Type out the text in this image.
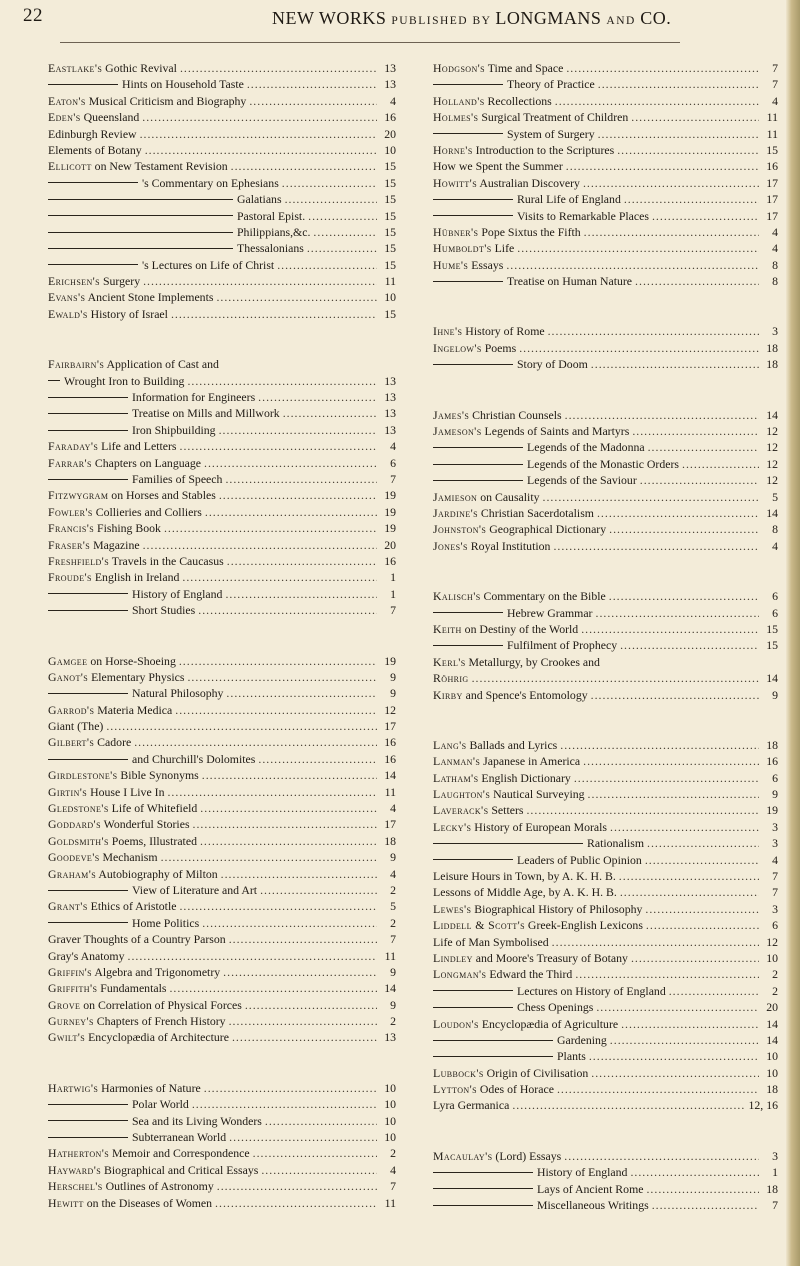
22	NEW WORKS PUBLISHED BY LONGMANS AND CO.
Eastlake's Gothic Revival .....	13
Hints on Household Taste .....	13
Eaton's Musical Criticism and Biography .....	4
Eden's Queensland .....	16
Edinburgh Review .....	20
Elements of Botany .....	10
Ellicott on New Testament Revision .....	15
's Commentary on Ephesians .....	15
Galatians .....	15
Pastoral Epist. .....	15
Philippians,&c. .....	15
Thessalonians .....	15
's Lectures on Life of Christ .....	15
Erichsen's Surgery .....	11
Evans's Ancient Stone Implements .....	10
Ewald's History of Israel .....	15
Fairbairn's Application of Cast and
Wrought Iron to Building .....	13
Information for Engineers .....	13
Treatise on Mills and Millwork .....	13
Iron Shipbuilding .....	13
Faraday's Life and Letters .....	4
Farrar's Chapters on Language .....	6
Families of Speech .....	7
Fitzwygram on Horses and Stables .....	19
Fowler's Collieries and Colliers .....	19
Francis's Fishing Book .....	19
Fraser's Magazine .....	20
Freshfield's Travels in the Caucasus .....	16
Froude's English in Ireland .....	1
History of England .....	1
Short Studies .....	7
Gamgee on Horse-Shoeing .....	19
Ganot's Elementary Physics .....	9
Natural Philosophy .....	9
Garrod's Materia Medica .....	12
Giant (The) .....	17
Gilbert's Cadore .....	16
and Churchill's Dolomites .....	16
Girdlestone's Bible Synonyms .....	14
Girtin's House I Live In .....	11
Gledstone's Life of Whitefield .....	4
Goddard's Wonderful Stories .....	17
Goldsmith's Poems, Illustrated .....	18
Goodeve's Mechanism .....	9
Graham's Autobiography of Milton .....	4
View of Literature and Art .....	2
Grant's Ethics of Aristotle .....	5
Home Politics .....	2
Graver Thoughts of a Country Parson .....	7
Gray's Anatomy .....	11
Griffin's Algebra and Trigonometry .....	9
Griffith's Fundamentals .....	14
Grove on Correlation of Physical Forces .....	9
Gurney's Chapters of French History .....	2
Gwilt's Encyclopædia of Architecture .....	13
Hartwig's Harmonies of Nature .....	10
Polar World .....	10
Sea and its Living Wonders .....	10
Subterranean World .....	10
Hatherton's Memoir and Correspondence .....	2
Hayward's Biographical and Critical Essays .....	4
Herschel's Outlines of Astronomy .....	7
Hewitt on the Diseases of Women .....	11
Hodgson's Time and Space .....	7
Theory of Practice .....	7
Holland's Recollections .....	4
Holmes's Surgical Treatment of Children .....	11
System of Surgery .....	11
Horne's Introduction to the Scriptures .....	15
How we Spent the Summer .....	16
Howitt's Australian Discovery .....	17
Rural Life of England .....	17
Visits to Remarkable Places .....	17
Hübner's Pope Sixtus the Fifth .....	4
Humboldt's Life .....	4
Hume's Essays .....	8
Treatise on Human Nature .....	8
Ihne's History of Rome .....	3
Ingelow's Poems .....	18
Story of Doom .....	18
James's Christian Counsels .....	14
Jameson's Legends of Saints and Martyrs .....	12
Legends of the Madonna .....	12
Legends of the Monastic Orders .....	12
Legends of the Saviour .....	12
Jamieson on Causality .....	5
Jardine's Christian Sacerdotalism .....	14
Johnston's Geographical Dictionary .....	8
Jones's Royal Institution .....	4
Kalisch's Commentary on the Bible .....	6
Hebrew Grammar .....	6
Keith on Destiny of the World .....	15
Fulfilment of Prophecy .....	15
Kerl's Metallurgy, by Crookes and
Röhrig .....	14
Kirby and Spence's Entomology .....	9
Lang's Ballads and Lyrics .....	18
Lanman's Japanese in America .....	16
Latham's English Dictionary .....	6
Laughton's Nautical Surveying .....	9
Laverack's Setters .....	19
Lecky's History of European Morals .....	3
Rationalism .....	3
Leaders of Public Opinion .....	4
Leisure Hours in Town, by A. K. H. B. .....	7
Lessons of Middle Age, by A. K. H. B. .....	7
Lewes's Biographical History of Philosophy .....	3
Liddell & Scott's Greek-English Lexicons .....	6
Life of Man Symbolised .....	12
Lindley and Moore's Treasury of Botany .....	10
Longman's Edward the Third .....	2
Lectures on History of England .....	2
Chess Openings .....	20
Loudon's Encyclopædia of Agriculture .....	14
Gardening .....	14
Plants .....	10
Lubbock's Origin of Civilisation .....	10
Lytton's Odes of Horace .....	18
Lyra Germanica .....	12, 16
Macaulay's (Lord) Essays .....	3
History of England .....	1
Lays of Ancient Rome .....	18
Miscellaneous Writings .....	7
